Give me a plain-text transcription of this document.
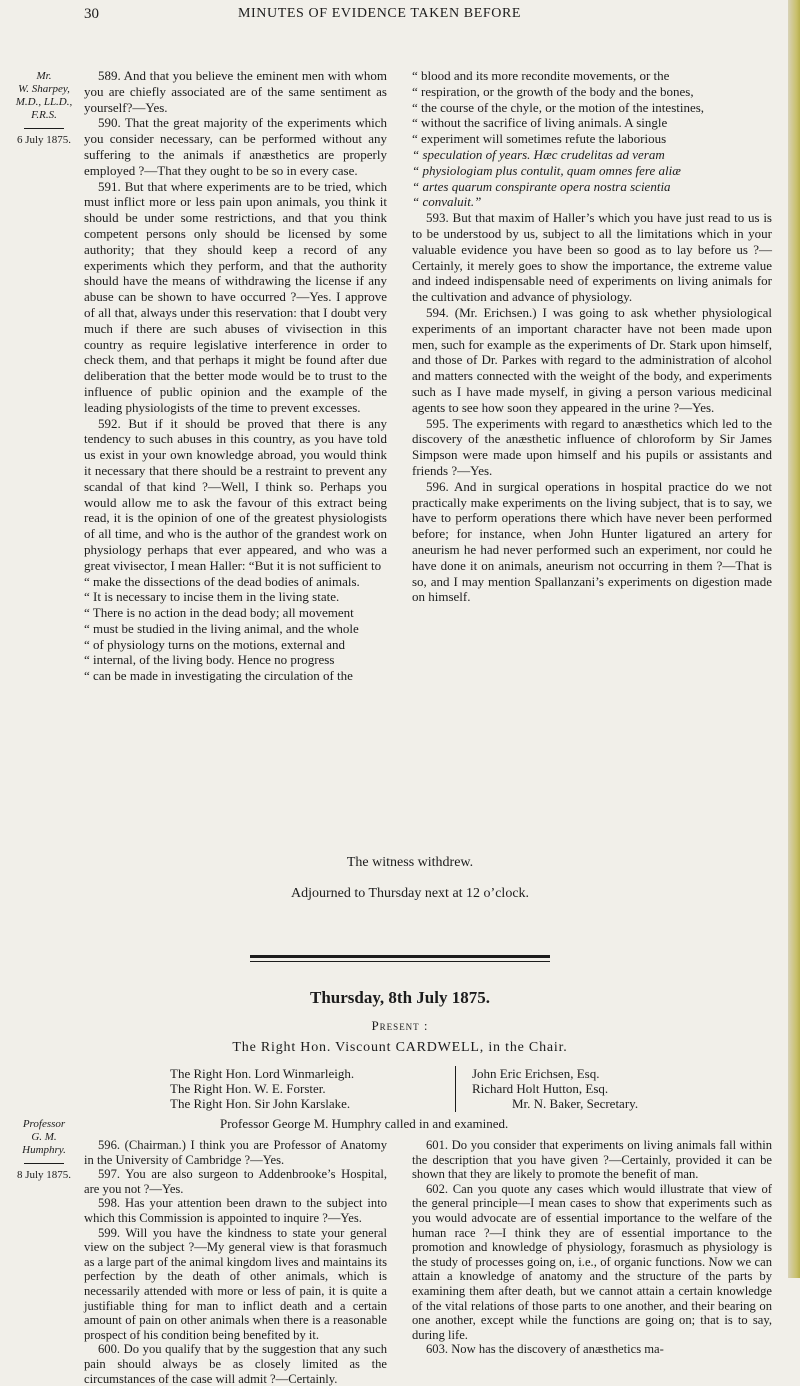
30	MINUTES OF EVIDENCE TAKEN BEFORE
Mr.
W. Sharpey,
M.D., LL.D.,
F.R.S.
6 July 1875.

589. And that you believe the eminent men with whom you are chiefly associated are of the same sentiment as yourself?—Yes.

590. That the great majority of the experiments which you consider necessary, can be performed without any suffering to the animals if anæsthetics are properly employed ?—That they ought to be so in every case.

591. But that where experiments are to be tried, which must inflict more or less pain upon animals, you think it should be under some restrictions, and that you think competent persons only should be licensed by some authority; that they should keep a record of any experiments which they perform, and that the authority should have the means of withdrawing the license if any abuse can be shown to have occurred ?—Yes. I approve of all that, always under this reservation: that I doubt very much if there are such abuses of vivisection in this country as require legislative interference in order to check them, and that perhaps it might be found after due deliberation that the better mode would be to trust to the influence of public opinion and the example of the leading physiologists of the time to prevent excesses.

592. But if it should be proved that there is any tendency to such abuses in this country, as you have told us exist in your own knowledge abroad, you would think it necessary that there should be a restraint to prevent any scandal of that kind ?—Well, I think so. Perhaps you would allow me to ask the favour of this extract being read, it is the opinion of one of the greatest physiologists of all time, and who is the author of the grandest work on physiology perhaps that ever appeared, and who was a great vivisector, I mean Haller: “But it is not sufficient to

“ make the dissections of the dead bodies of animals.

“ It is necessary to incise them in the living state.

“ There is no action in the dead body; all movement

“ must be studied in the living animal, and the whole

“ of physiology turns on the motions, external and

“ internal, of the living body. Hence no progress

“ can be made in investigating the circulation of the

“ blood and its more recondite movements, or the

“ respiration, or the growth of the body and the bones,

“ the course of the chyle, or the motion of the intestines,

“ without the sacrifice of living animals. A single

“ experiment will sometimes refute the laborious

“ speculation of years. Hæc crudelitas ad veram

“ physiologiam plus contulit, quam omnes fere aliæ

“ artes quarum conspirante opera nostra scientia

“ convaluit.”

593. But that maxim of Haller’s which you have just read to us is to be understood by us, subject to all the limitations which in your valuable evidence you have been so good as to lay before us ?—Certainly, it merely goes to show the importance, the extreme value and indeed indispensable need of experiments on living animals for the cultivation and advance of physiology.

594. (Mr. Erichsen.) I was going to ask whether physiological experiments of an important character have not been made upon men, such for example as the experiments of Dr. Stark upon himself, and those of Dr. Parkes with regard to the administration of alcohol and matters connected with the weight of the body, and experiments such as I have made myself, in giving a person various medicinal agents to see how soon they appeared in the urine ?—Yes.

595. The experiments with regard to anæsthetics which led to the discovery of the anæsthetic influence of chloroform by Sir James Simpson were made upon himself and his pupils or assistants and friends ?—Yes.

596. And in surgical operations in hospital practice do we not practically make experiments on the living subject, that is to say, we have to perform operations there which have never been performed before; for instance, when John Hunter ligatured an artery for aneurism he had never performed such an experiment, nor could he have done it on animals, aneurism not occurring in them ?—That is so, and I may mention Spallanzani’s experiments on digestion made on himself.

The witness withdrew.
Adjourned to Thursday next at 12 o’clock.
Thursday, 8th July 1875.
Present :
The Right Hon. Viscount CARDWELL, in the Chair.
The Right Hon. Lord Winmarleigh.
The Right Hon. W. E. Forster.
The Right Hon. Sir John Karslake.
John Eric Erichsen, Esq.
Richard Holt Hutton, Esq.
Mr. N. Baker, Secretary.
Professor George M. Humphry called in and examined.
Professor
G. M.
Humphry.
8 July 1875.

596. (Chairman.) I think you are Professor of Anatomy in the University of Cambridge ?—Yes.

597. You are also surgeon to Addenbrooke’s Hospital, are you not ?—Yes.

598. Has your attention been drawn to the subject into which this Commission is appointed to inquire ?—Yes.

599. Will you have the kindness to state your general view on the subject ?—My general view is that forasmuch as a large part of the animal kingdom lives and maintains its perfection by the death of other animals, which is necessarily attended with more or less of pain, it is quite a justifiable thing for man to inflict death and a certain amount of pain on other animals when there is a reasonable prospect of his condition being benefited by it.

600. Do you qualify that by the suggestion that any such pain should always be as closely limited as the circumstances of the case will admit ?—Certainly.

601. Do you consider that experiments on living animals fall within the description that you have given ?—Certainly, provided it can be shown that they are likely to promote the benefit of man.

602. Can you quote any cases which would illustrate that view of the general principle—I mean cases to show that experiments such as you would advocate are of essential importance to the welfare of the human race ?—I think they are of essential importance to the promotion and knowledge of physiology, forasmuch as physiology is the study of processes going on, i.e., of organic functions. Now we can attain a knowledge of anatomy and the structure of the parts by examining them after death, but we cannot attain a certain knowledge of the vital relations of those parts to one another, and their bearing on one another, except while the functions are going on; that is to say, during life.

603. Now has the discovery of anæsthetics ma-
